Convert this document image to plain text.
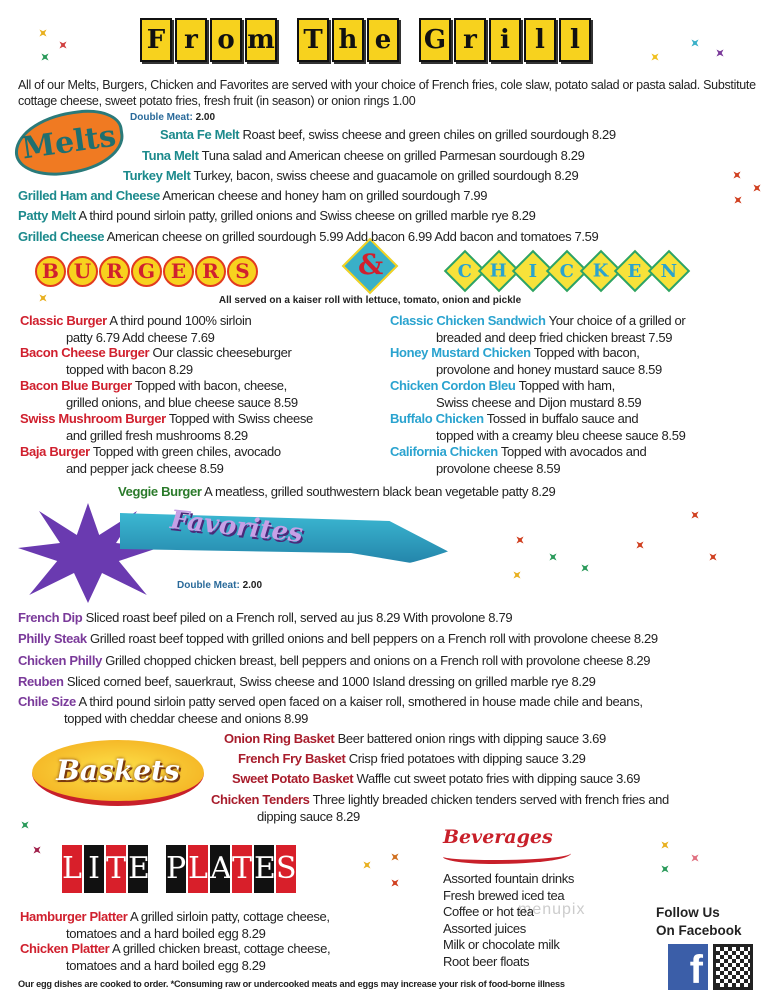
F r o m T h e G r i l l
All of our Melts, Burgers, Chicken and Favorites are served with your choice of French fries, cole slaw, potato salad or pasta salad. Substitute cottage cheese, sweet potato fries, fresh fruit (in season) or onion rings 1.00
Melts
Double Meat: 2.00
B U R G E R S	&	C H I C K E N
All served on a kaiser roll with lettuce, tomato, onion and pickle
Favorites
Double Meat: 2.00
Baskets
L I T E P L A T E S
Beverages
menupix	Follow Us
On Facebook
f
Our egg dishes are cooked to order. *Consuming raw or undercooked meats and eggs may increase your risk of food-borne illness
Santa Fe Melt Roast beef, swiss cheese and green chiles on grilled sourdough 8.29
Tuna Melt Tuna salad and American cheese on grilled Parmesan sourdough 8.29
Turkey Melt Turkey, bacon, swiss cheese and guacamole on grilled sourdough 8.29
Grilled Ham and Cheese American cheese and honey ham on grilled sourdough 7.99
Patty Melt A third pound sirloin patty, grilled onions and Swiss cheese on grilled marble rye 8.29
Grilled Cheese American cheese on grilled sourdough 5.99 Add bacon 6.99 Add bacon and tomatoes 7.59
Classic Burger A third pound 100% sirloin
patty 6.79 Add cheese 7.69
Classic Chicken Sandwich Your choice of a grilled or
breaded and deep fried chicken breast 7.59
Bacon Cheese Burger Our classic cheeseburger
topped with bacon 8.29
Honey Mustard Chicken Topped with bacon,
provolone and honey mustard sauce 8.59
Bacon Blue Burger Topped with bacon, cheese,
grilled onions, and blue cheese sauce 8.59
Chicken Cordon Bleu Topped with ham,
Swiss cheese and Dijon mustard 8.59
Swiss Mushroom Burger Topped with Swiss cheese
and grilled fresh mushrooms 8.29
Buffalo Chicken Tossed in buffalo sauce and
topped with a creamy bleu cheese sauce 8.59
Baja Burger Topped with green chiles, avocado
and pepper jack cheese 8.59
California Chicken Topped with avocados and
provolone cheese 8.59
Veggie Burger A meatless, grilled southwestern black bean vegetable patty 8.29
French Dip Sliced roast beef piled on a French roll, served au jus 8.29 With provolone 8.79
Philly Steak Grilled roast beef topped with grilled onions and bell peppers on a French roll with provolone cheese 8.29
Chicken Philly Grilled chopped chicken breast, bell peppers and onions on a French roll with provolone cheese 8.29
Reuben Sliced corned beef, sauerkraut, Swiss cheese and 1000 Island dressing on grilled marble rye 8.29
Chile Size A third pound sirloin patty served open faced on a kaiser roll, smothered in house made chile and beans,
topped with cheddar cheese and onions 8.99
Onion Ring Basket Beer battered onion rings with dipping sauce 3.69
French Fry Basket Crisp fried potatoes with dipping sauce 3.29
Sweet Potato Basket Waffle cut sweet potato fries with dipping sauce 3.69
Chicken Tenders Three lightly breaded chicken tenders served with french fries and
dipping sauce 8.29
Hamburger Platter A grilled sirloin patty, cottage cheese,
tomatoes and a hard boiled egg 8.29
Chicken Platter A grilled chicken breast, cottage cheese,
tomatoes and a hard boiled egg 8.29
Assorted fountain drinks
Fresh brewed iced tea
Coffee or hot tea
Assorted juices
Milk or chocolate milk
Root beer floats
